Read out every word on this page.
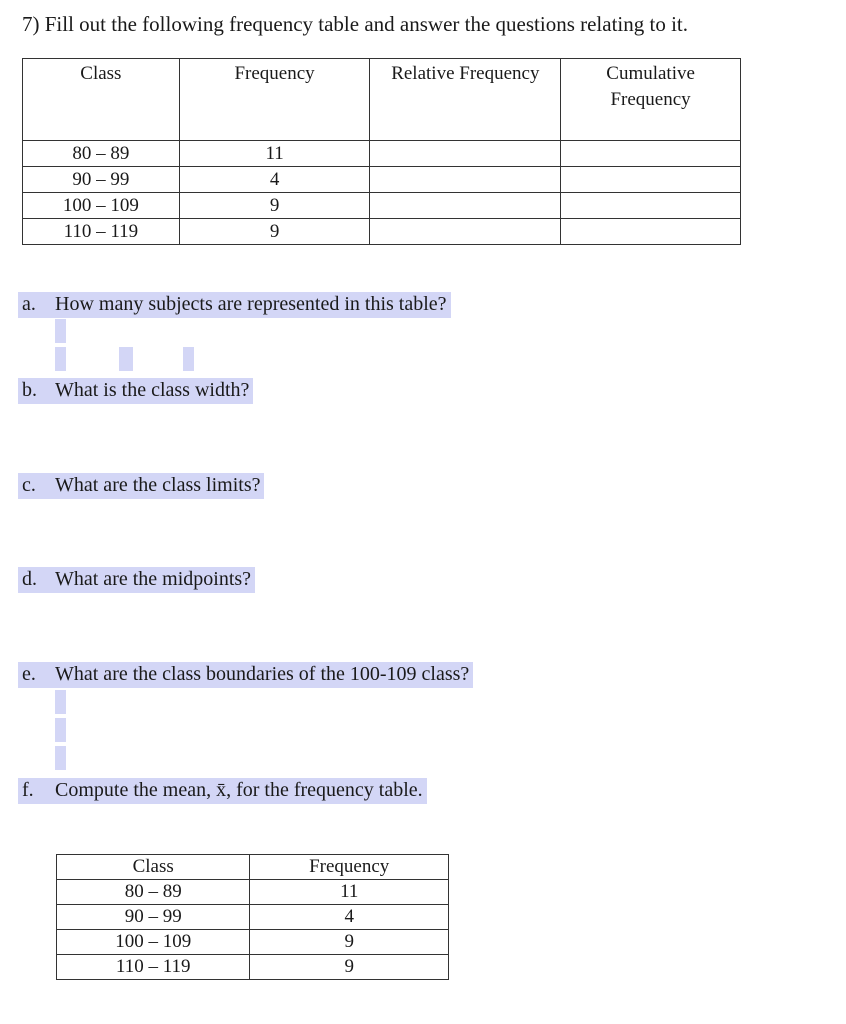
7) Fill out the following frequency table and answer the questions relating to it.
Class	Frequency	Relative Frequency	Cumulative
Frequency
80 – 89	11		
90 – 99	4		
100 – 109	9		
110 – 119	9		
a. How many subjects are represented in this table?
b. What is the class width?
c. What are the class limits?
d. What are the midpoints?
e. What are the class boundaries of the 100-109 class?
f. Compute the mean, x̄, for the frequency table.
Class	Frequency
80 – 89	11
90 – 99	4
100 – 109	9
110 – 119	9
